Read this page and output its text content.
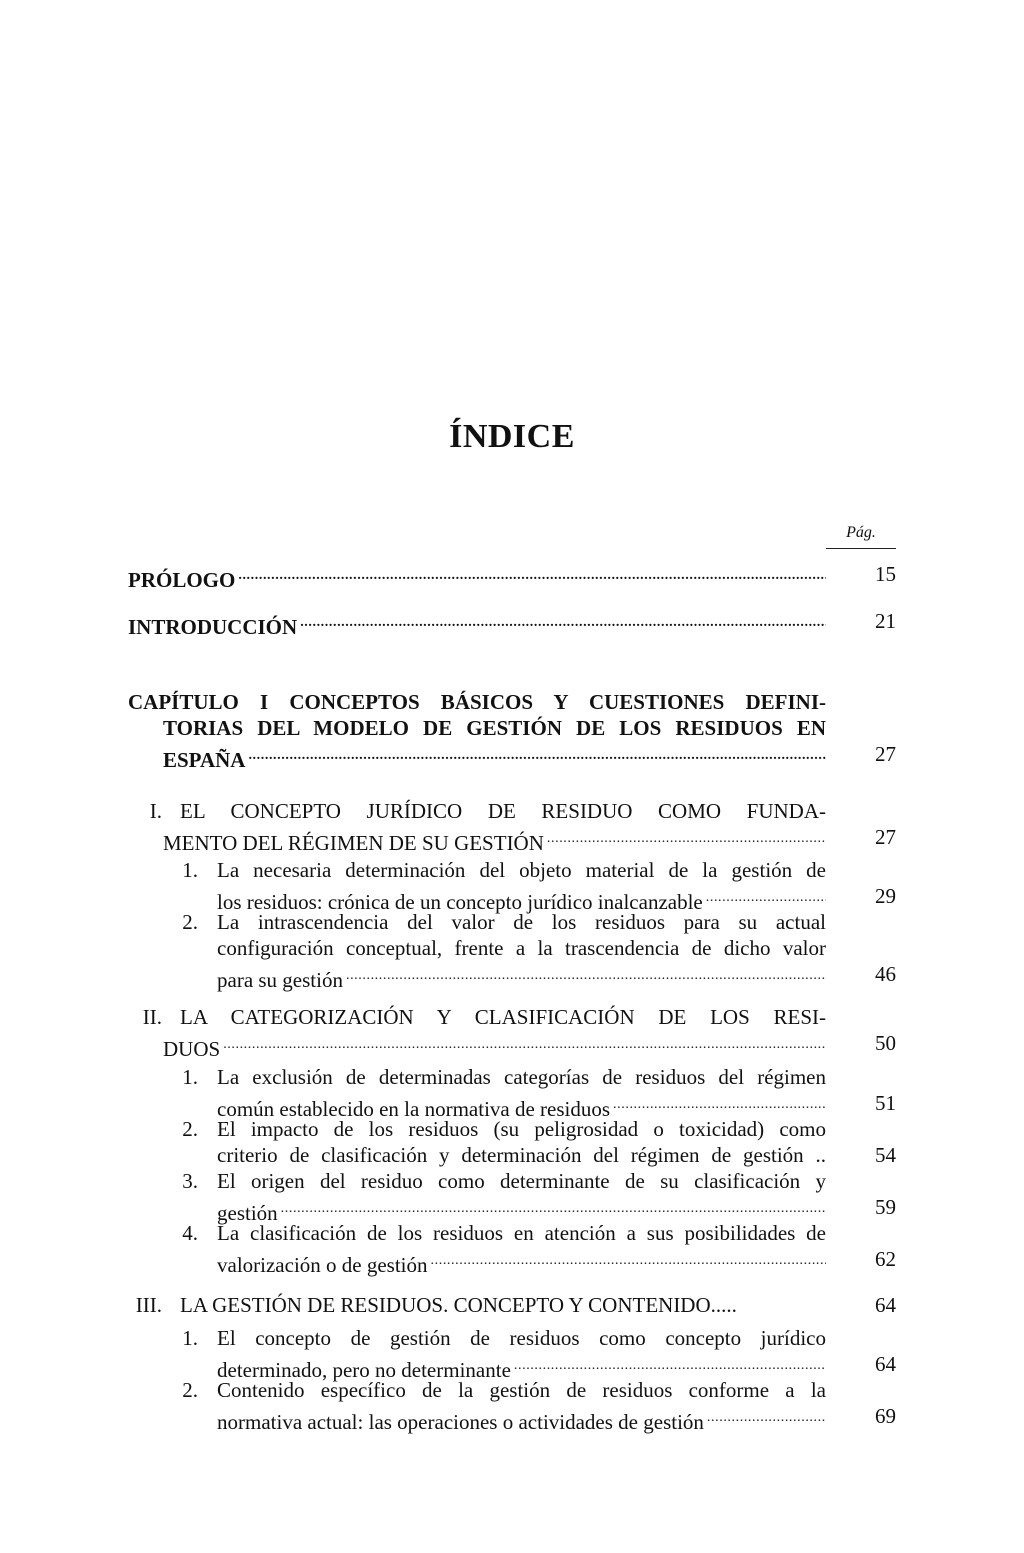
ÍNDICE
Pág.
PRÓLOGO .....	15
INTRODUCCIÓN .....	21
CAPÍTULO I CONCEPTOS BÁSICOS Y CUESTIONES DEFINI-
TORIAS DEL MODELO DE GESTIÓN DE LOS RESIDUOS EN
ESPAÑA .....	27
I. EL CONCEPTO JURÍDICO DE RESIDUO COMO FUNDA-
MENTO DEL RÉGIMEN DE SU GESTIÓN .....	27
1. La necesaria determinación del objeto material de la gestión de
los residuos: crónica de un concepto jurídico inalcanzable .....	29
2. La intrascendencia del valor de los residuos para su actual
configuración conceptual, frente a la trascendencia de dicho valor
para su gestión .....	46
II. LA CATEGORIZACIÓN Y CLASIFICACIÓN DE LOS RESI-
DUOS .....	50
1. La exclusión de determinadas categorías de residuos del régimen
común establecido en la normativa de residuos .....	51
2. El impacto de los residuos (su peligrosidad o toxicidad) como
criterio de clasificación y determinación del régimen de gestión ..	54
3. El origen del residuo como determinante de su clasificación y
gestión .....	59
4. La clasificación de los residuos en atención a sus posibilidades de
valorización o de gestión .....	62
III. LA GESTIÓN DE RESIDUOS. CONCEPTO Y CONTENIDO.....	64
1. El concepto de gestión de residuos como concepto jurídico
determinado, pero no determinante .....	64
2. Contenido específico de la gestión de residuos conforme a la
normativa actual: las operaciones o actividades de gestión .....	69
